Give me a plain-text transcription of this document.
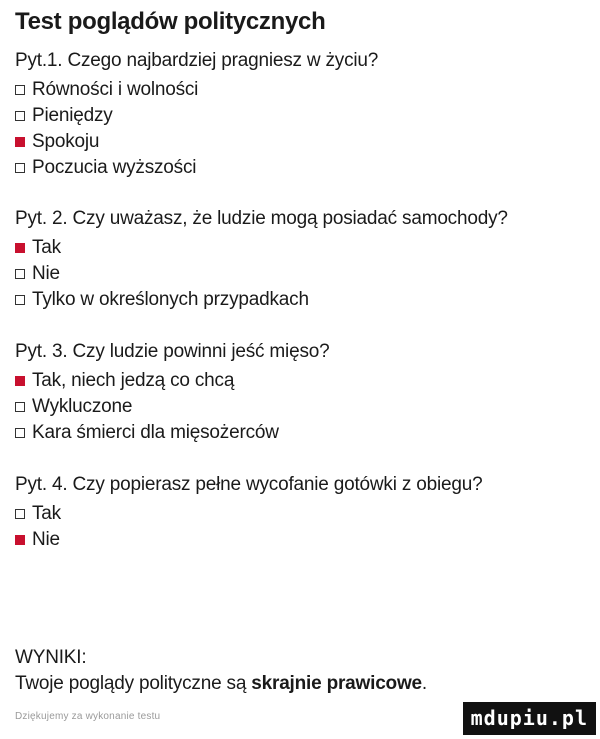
Test poglądów politycznych
Pyt.1. Czego najbardziej pragniesz w życiu?
Równości i wolności
Pieniędzy
Spokoju
Poczucia wyższości
Pyt. 2. Czy uważasz, że ludzie mogą posiadać samochody?
Tak
Nie
Tylko w określonych przypadkach
Pyt. 3. Czy ludzie powinni jeść mięso?
Tak, niech jedzą co chcą
Wykluczone
Kara śmierci dla mięsożerców
Pyt. 4. Czy popierasz pełne wycofanie gotówki z obiegu?
Tak
Nie
WYNIKI:
Twoje poglądy polityczne są skrajnie prawicowe.
Dziękujemy za wykonanie testu	mdupiu.pl
